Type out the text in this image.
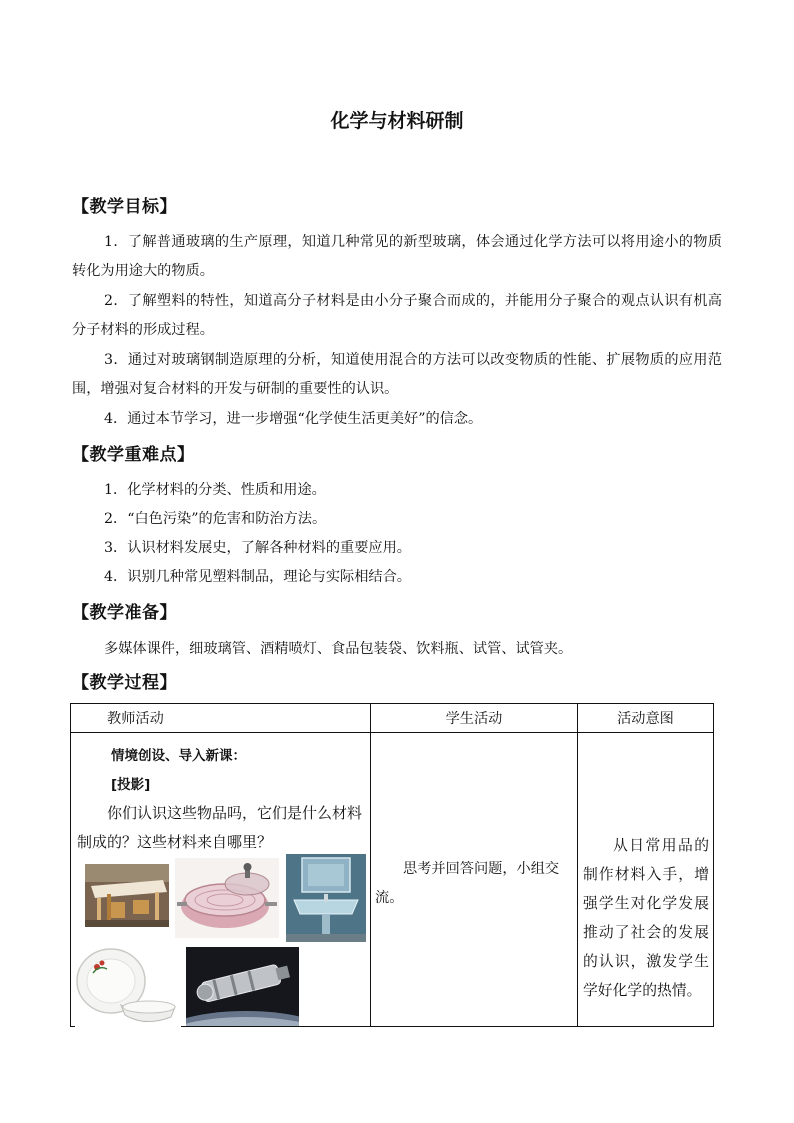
化学与材料研制
【教学目标】
1．了解普通玻璃的生产原理，知道几种常见的新型玻璃，体会通过化学方法可以将用途小的物质转化为用途大的物质。
2．了解塑料的特性，知道高分子材料是由小分子聚合而成的，并能用分子聚合的观点认识有机高分子材料的形成过程。
3．通过对玻璃钢制造原理的分析，知道使用混合的方法可以改变物质的性能、扩展物质的应用范围，增强对复合材料的开发与研制的重要性的认识。
4．通过本节学习，进一步增强“化学使生活更美好”的信念。
【教学重难点】
1．化学材料的分类、性质和用途。
2．“白色污染”的危害和防治方法。
3．认识材料发展史，了解各种材料的重要应用。
4．识别几种常见塑料制品，理论与实际相结合。
【教学准备】
多媒体课件，细玻璃管、酒精喷灯、食品包装袋、饮料瓶、试管、试管夹。
【教学过程】
教师活动	学生活动	活动意图

情境创设、导入新课：
[投影]
你们认识这些物品吗，它们是什么材料制成的？这些材料来自哪里？	思考并回答问题，小组交流。	从日常用品的制作材料入手，增强学生对化学发展推动了社会的发展的认识，激发学生学好化学的热情。
